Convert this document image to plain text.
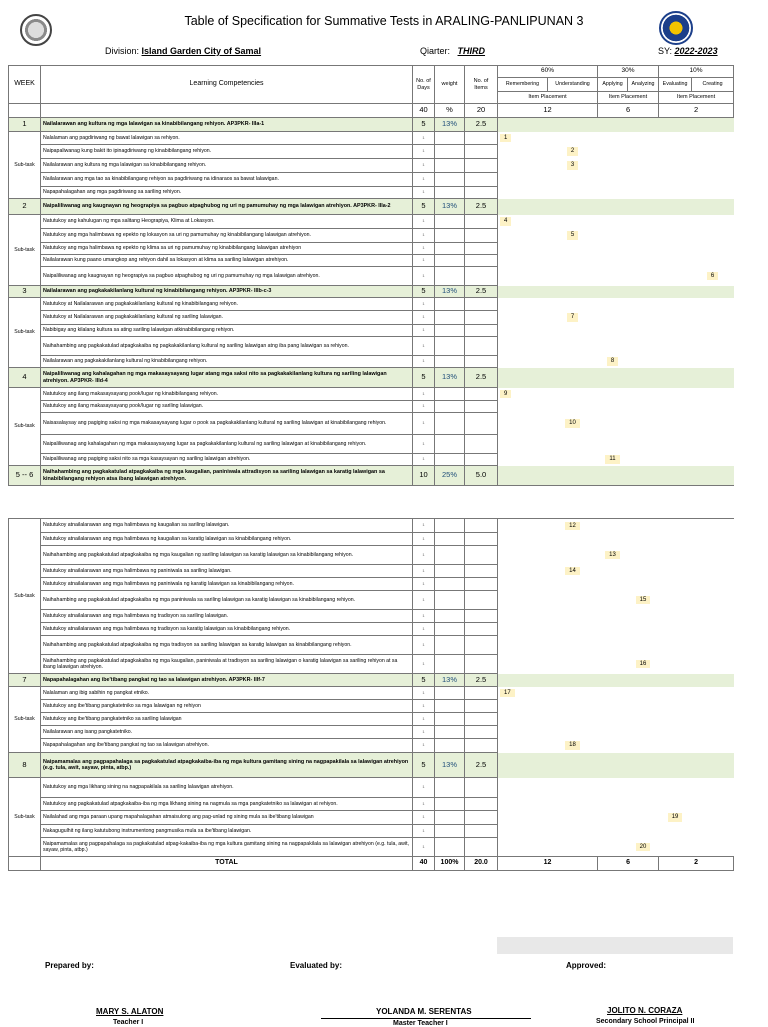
Table of Specification for Summative Tests in ARALING-PANLIPUNAN 3
Division: Island Garden City of Samal	Qiarter: THIRD	SY: 2022-2023
WEEK	Learning Competencies	No. of Days	weight	No. of Items	60%		30%		10%	
					Remembering	Understanding	Applying	Analyzing	Evaluating	Creating
					Item Placement		Item Placement		Item Placement	
		40	%	20	12		6		2	
1	Nailalarawan ang kultura ng mga lalawigan sa kinabibilangang rehiyon. AP3PKR- IIIa-1	5	13%	2.5						
Sub-task	Nalalaman ang pagdiriwang ng bawat lalawigan sa rehiyon.	1			1					
	Naipapaliwanag kung bakit ito ipinagdiriwang ng kinabibilangang rehiyon.	1				2				
	Nailalarawan ang kultura ng mga lalawigan sa kinabibilangang rehiyon.	1				3				
	Nailalarawan ang mga tao sa kinabibilangang rehiyon sa pagdiriwang na idinaraos sa bawat lalawigan.	1								
	Napapahalagahan ang mga pagdiriwang sa sariling rehiyon.	1								
2	Naipaliliwanag ang kaugnayan ng heograpiya sa pagbuo atpaghubog ng uri ng pamumuhay ng mga lalawigan atrehiyon. AP3PKR- IIIa-2	5	13%	2.5						
Sub-task	Natutukoy ang kahulugan ng mga salitang Heograpiya, Klima at Lokasyon.	1			4					
	Natutukoy ang mga halimbawa ng epekto ng lokasyon sa uri ng pamumuhay ng kinabibilangang lalawigan atrehiyon.	1				5				
	Natutukoy ang mga halimbawa ng epekto ng klima sa uri ng pamumuhay ng kinabibilangang lalawigan atrehiyon	1								
	Nailalarawan kung paano umangkop ang rehiyon dahil sa lokasyon at klima sa sariling lalawigan atrehiyon.	1								
	Naipaliliwanag ang kaugnayan ng heograpiya sa pagbuo atpaghubog ng uri ng pamumuhay ng mga lalawigan atrehiyon.	1								6
3	Nailalarawan ang pagkakakilanlang kultural ng kinabibilangang rehiyon. AP3PKR- IIIb-c-3	5	13%	2.5						
Sub-task	Natutukoy at Nailalarawan ang pagkakakilanlang kultural ng kinabibilangang rehiyon.	1								
	Natutukoy at Nailalarawan ang pagkakakilanlang kultural ng sariling lalawigan.	1				7				
	Nabibigay ang kilalang kultura sa ating sariling lalawigan atkinabibilangang rehiyon.	1								
	Naihahambing ang pagkakatulad atpagkakaiba ng pagkakakilanlang kultural ng sariling lalawigan atng iba pang lalawigan sa rehiyon.	1								
	Nailalarawan ang pagkakakilanlang kultural ng kinabibilangang rehiyon.	1					8			
4	Naipaliliwanag ang kahalagahan ng mga makasaysayang lugar atang mga saksi nito sa pagkakakilanlang kultura ng sariling lalawigan atrehiyon. AP3PKR- IIId-4	5	13%	2.5						
Sub-task	Natutukoy ang ilang makasaysayang pook/lugar ng kinabibilangang rehiyon.	1			9					
	Natutukoy ang ilang makasaysayang pook/lugar ng sariling lalawigan.	1								
	Naisasalaysay ang pagiging saksi ng mga makasaysayang lugar o pook sa pagkakakilanlang kultural ng sariling lalawigan at kinabibilangang rehiyon.	1				10				
	Naipaliliwanag ang kahalagahan ng mga makasaysayang lugar sa pagkakakilanlang kultural ng sariling lalawigan at kinabibilangang rehiyon.	1								
	Naipaliliwanag ang pagiging saksi nito sa mga kasaysayan ng sariling lalawigan atrehiyon.	1					11			
5 -- 6	Naihahambing ang pagkakatulad atpagkakaiba ng mga kaugalian, paniniwala attradisyon sa sariling lalawigan sa karatig lalawigan sa kinabibilangang rehiyon atsa ibang lalawigan atrehiyon.	10	25%	5.0						

Sub-task	Natutukoy atnailalarawan ang mga halimbawa ng kaugalian sa sariling lalawigan.	1				12				
	Natutukoy atnailalarawan ang mga halimbawa ng kaugalian sa karatig lalawigan sa kinabibilangang rehiyon.	1								
	Naihahambing ang pagkakatulad atpagkakaiba ng mga kaugalian ng sariling lalawigan sa karatig lalawigan sa kinabibilangang rehiyon.	1					13			
	Natutukoy atnailalarawan ang mga halimbawa ng paniniwala sa sariling lalawigan.	1				14				
	Natutukoy atnailalarawan ang mga halimbawa ng paniniwala ng karatig lalawigan sa kinabibilangang rehiyon.	1								
	Naihahambing ang pagkakatulad atpagkakaiba ng mga paniniwala sa sariling lalawigan sa karatig lalawigan sa kinabibilangang rehiyon.	1						15		
	Natutukoy atnailalarawan ang mga halimbawa ng tradisyon sa sariling lalawigan.	1								
	Natutukoy atnailalarawan ang mga halimbawa ng tradisyon sa karatig lalawigan sa kinabibilangang rehiyon.	1								
	Naihahambing ang pagkakatulad atpagkakaiba ng mga tradisyon sa sariling lalawigan sa karatig lalawigan sa kinabibilangang rehiyon.	1								
	Naihahambing ang pagkakatulad atpagkakaiba ng mga kaugalian, paniniwala at tradisyon sa sariling lalawigan o karatig lalawigan sa sariling rehiyon at sa ibang lalawigan atrehiyon.	1						16		
7	Napapahalagahan ang ibe'tibang pangkat ng tao sa lalawigan atrehiyon. AP3PKR- IIIf-7	5	13%	2.5						
Sub-task	Nalalaman ang ibig sabihin ng pangkat etniko.	1			17					
	Natutukoy ang ibe'tibang pangkatetniko sa mga lalawigan ng rehiyon	1								
	Natutukoy ang ibe'tibang pangkatetniko sa sariling lalawigan	1								
	Nailalarawan ang isang pangkatetniko.	1								
	Napapahalagahan ang ibe'tibang pangkat ng tao sa lalawigan atrehiyon.	1				18				
8	Naipamamalas ang pagpapahalaga sa pagkakatulad atpagkakaiba-iba ng mga kultura gamitang sining na nagpapakilala sa lalawigan atrehiyon (e.g. tula, awit, sayaw, pinta, atbp.)	5	13%	2.5						
Sub-task	Natutukoy ang mga likhang sining na nagpapakilala sa sariling lalawigan atrehiyon.	1								
	Natutukoy ang pagkakatulad atpagkakaiba-iba ng mga likhang sining na nagmula sa mga pangkatetniko sa lalawigan at rehiyon.	1								
	Nailalahad ang mga paraan upang mapahalagahan atmaisulong ang pag-unlad ng sining mula sa ibe'tibang lalawigan	1							19	
	Nakagugulhit ng ilang katutubong instrumentong pangmusika mula sa ibe'tibang lalawigan.	1								
	Naipamamalas ang pagpapahalaga sa pagkakatulad atpag-kakaiba-iba ng mga kultura gamitang sining na nagpapakilala sa lalawigan atrehiyon (e.g. tula, awit, sayaw, pinta, atbp.)	1						20		
	TOTAL	40	100%	20.0	12		6		2	
Prepared by:	Evaluated by:	Approved:
MARY S. ALATON
Teacher I
YOLANDA M. SERENTAS
Master Teacher I
JOLITO N. CORAZA
Secondary School Principal II
